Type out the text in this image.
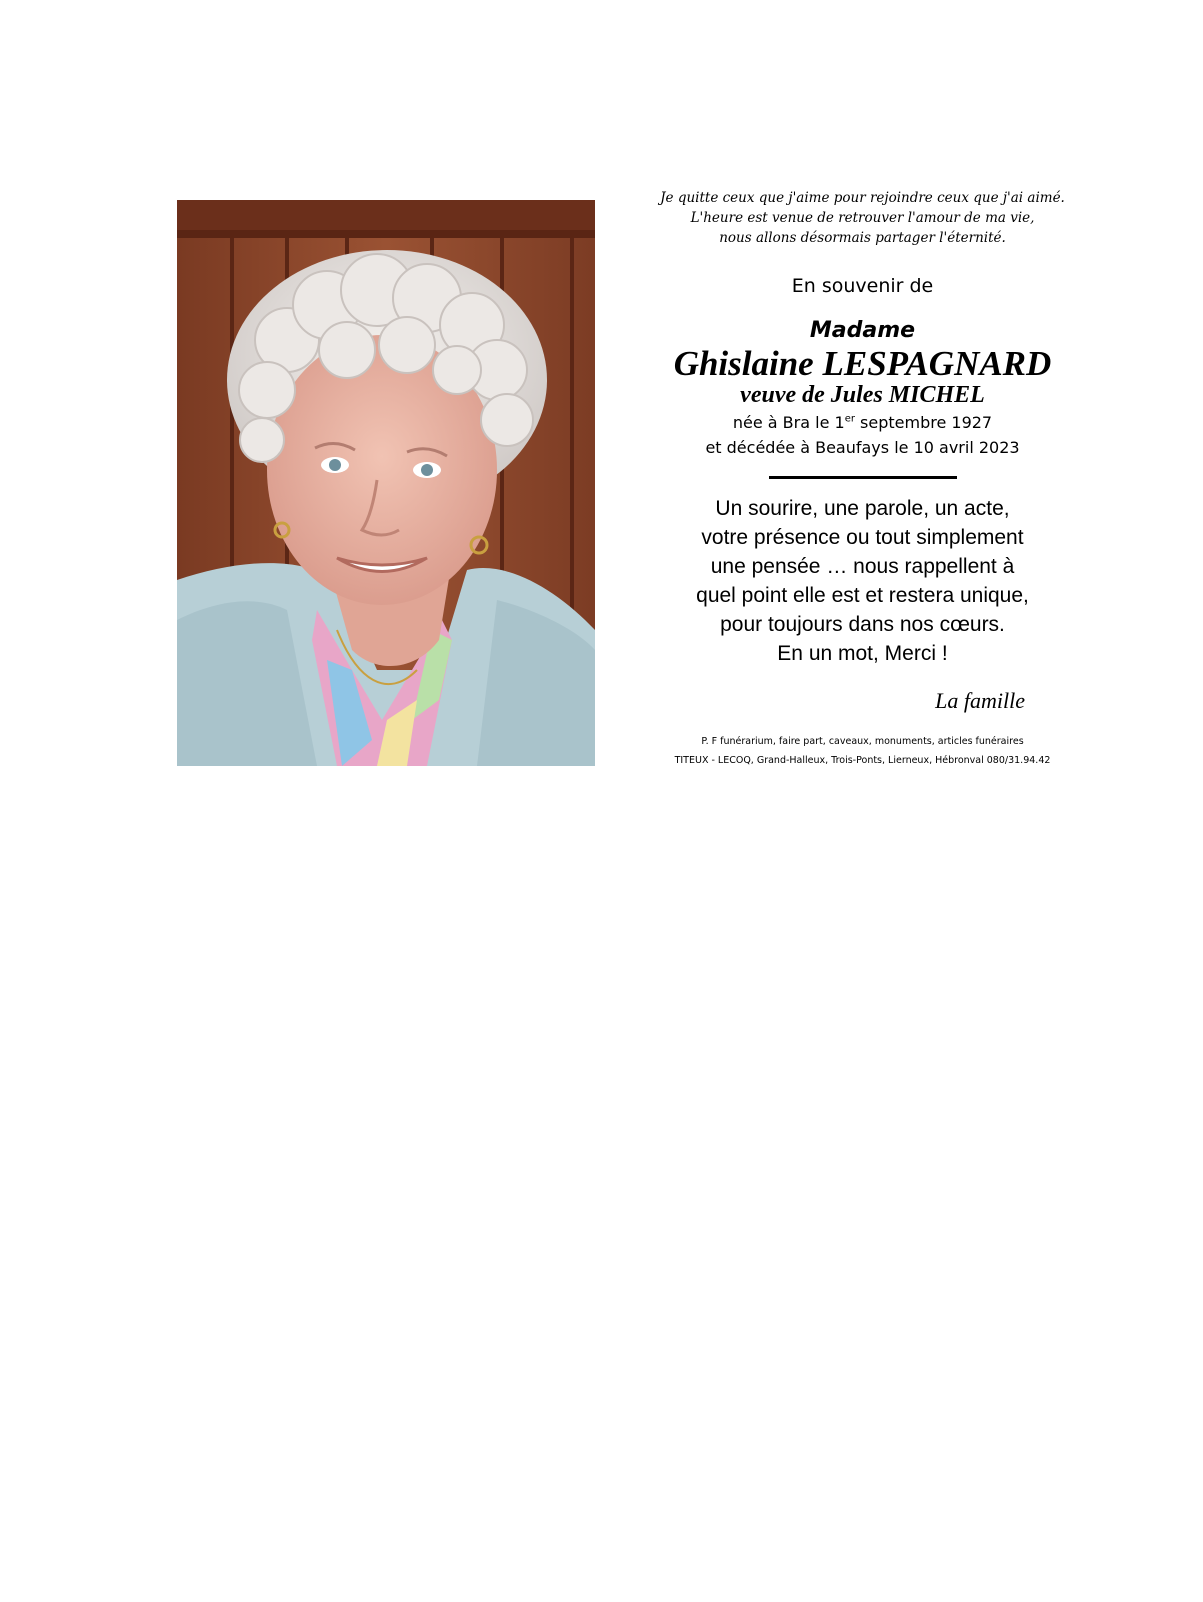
Je quitte ceux que j'aime pour rejoindre ceux que j'ai aimé.
L'heure est venue de retrouver l'amour de ma vie,
nous allons désormais partager l'éternité.
En souvenir de
Madame
Ghislaine LESPAGNARD
veuve de Jules MICHEL
née à Bra le 1er septembre 1927
et décédée à Beaufays le 10 avril 2023
Un sourire, une parole, un acte,
votre présence ou tout simplement
une pensée … nous rappellent à
quel point elle est et restera unique,
pour toujours dans nos cœurs.
En un mot, Merci !
La famille
P. F funérarium, faire part, caveaux, monuments, articles funéraires
TITEUX - LECOQ, Grand-Halleux, Trois-Ponts, Lierneux, Hébronval 080/31.94.42
